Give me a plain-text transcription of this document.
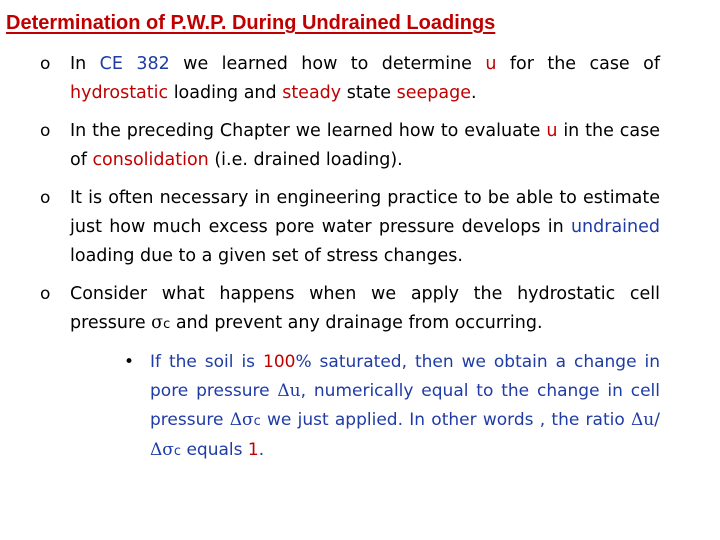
Determination of P.W.P. During Undrained Loadings
o In CE 382 we learned how to determine u for the case of hydrostatic loading and steady state seepage.
o In the preceding Chapter we learned how to evaluate u in the case of consolidation (i.e. drained loading).
o It is often necessary in engineering practice to be able to estimate just how much excess pore water pressure develops in undrained loading due to a given set of stress changes.
o Consider what happens when we apply the hydrostatic cell pressure σc and prevent any drainage from occurring.
• If the soil is 100% saturated, then we obtain a change in pore pressure Δu, numerically equal to the change in cell pressure Δσc we just applied. In other words , the ratio Δu/ Δσc equals 1.
